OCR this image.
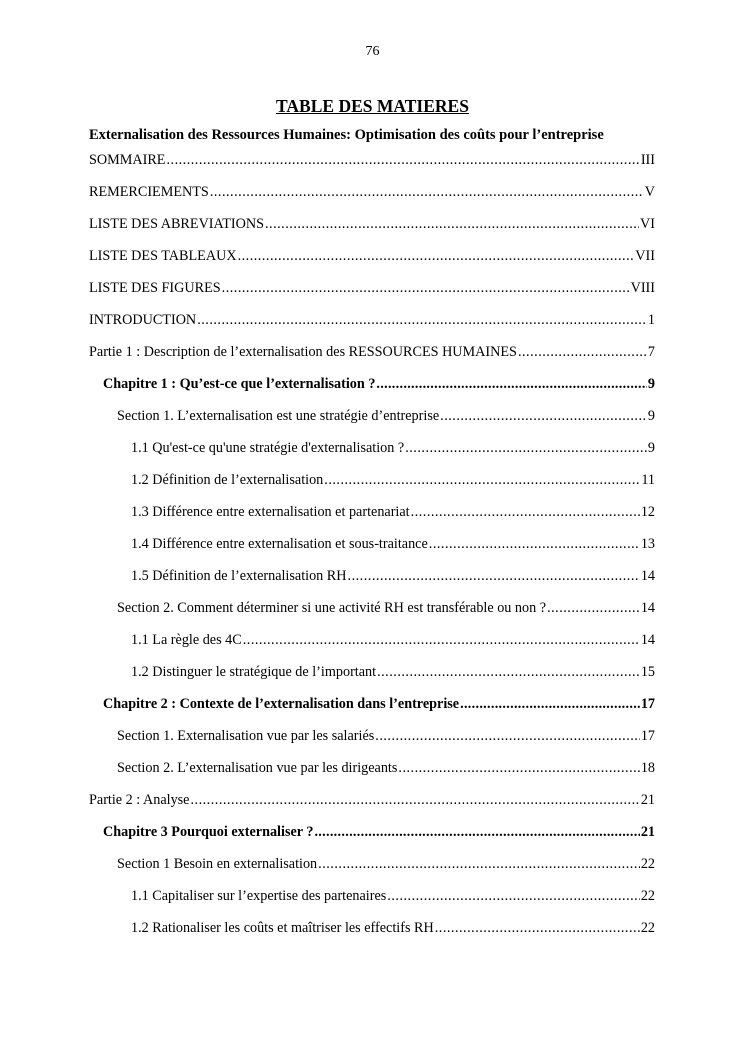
76
TABLE DES MATIERES
Externalisation des Ressources Humaines: Optimisation des coûts pour l’entreprise
SOMMAIRE .....	III
REMERCIEMENTS .....	V
LISTE DES ABREVIATIONS .....	VI
LISTE DES TABLEAUX .....	VII
LISTE DES FIGURES .....	VIII
INTRODUCTION .....	1
Partie 1 : Description de l’externalisation des RESSOURCES HUMAINES .....	7
Chapitre 1 : Qu’est-ce que l’externalisation ? .....	9
Section 1. L’externalisation est une stratégie d’entreprise .....	9
1.1 Qu'est-ce qu'une stratégie d'externalisation ? .....	9
1.2 Définition de l’externalisation .....	11
1.3 Différence entre externalisation et partenariat .....	12
1.4 Différence entre externalisation et sous-traitance .....	13
1.5 Définition de l’externalisation RH .....	14
Section 2. Comment déterminer si une activité RH est transférable ou non ? .....	14
1.1 La règle des 4C .....	14
1.2 Distinguer le stratégique de l’important .....	15
Chapitre 2 : Contexte de l’externalisation dans l’entreprise .....	17
Section 1. Externalisation vue par les salariés .....	17
Section 2. L’externalisation vue par les dirigeants .....	18
Partie 2 : Analyse .....	21
Chapitre 3 Pourquoi externaliser ? .....	21
Section 1 Besoin en externalisation .....	22
1.1 Capitaliser sur l’expertise des partenaires .....	22
1.2 Rationaliser les coûts et maîtriser les effectifs RH .....	22
